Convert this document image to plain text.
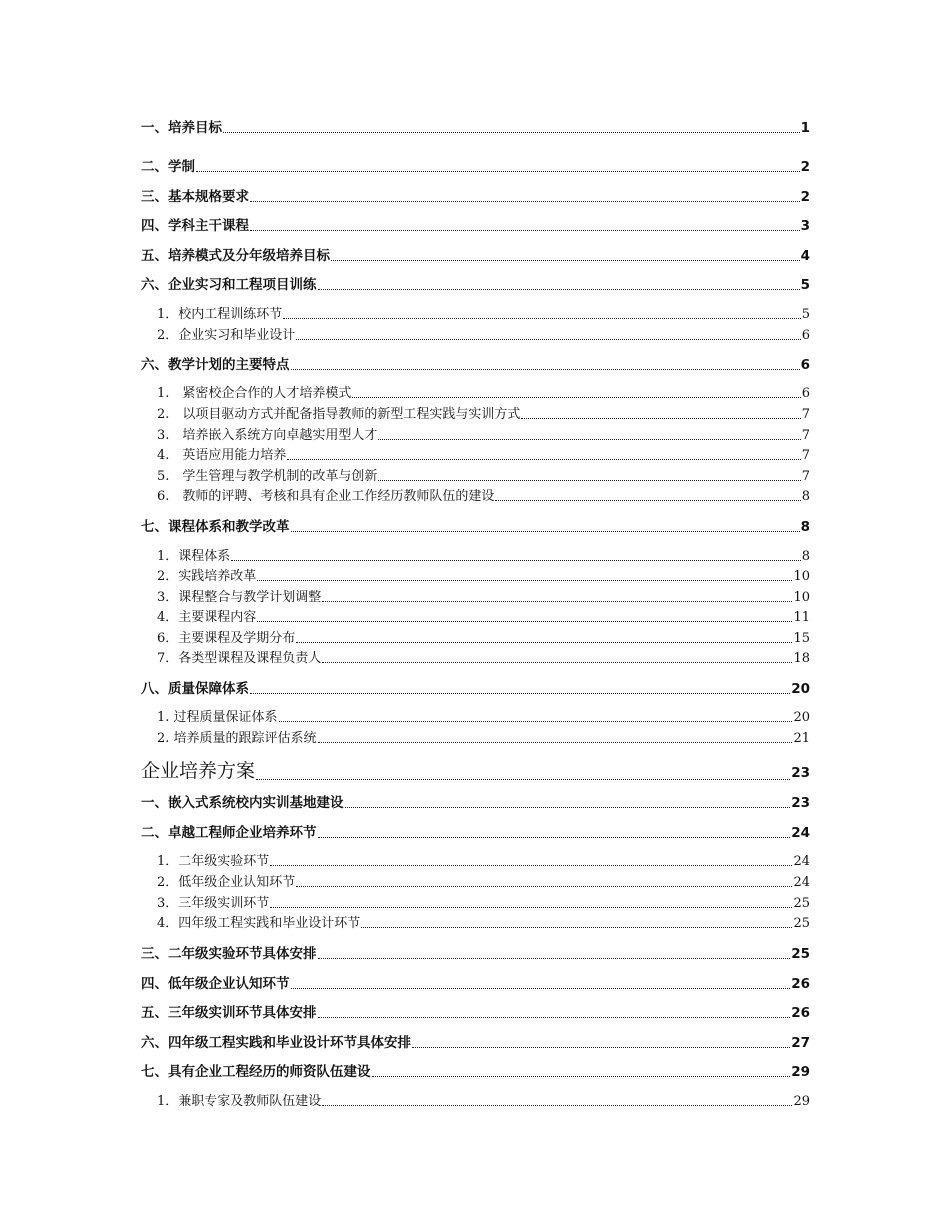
一、培养目标	1
二、学制	2
三、基本规格要求	2
四、学科主干课程	3
五、培养模式及分年级培养目标	4
六、企业实习和工程项目训练	5
1．校内工程训练环节	5
2．企业实习和毕业设计	6
六、教学计划的主要特点	6
1.　紧密校企合作的人才培养模式	6
2.　以项目驱动方式并配备指导教师的新型工程实践与实训方式	7
3.　培养嵌入系统方向卓越实用型人才	7
4.　英语应用能力培养	7
5.　学生管理与教学机制的改革与创新	7
6.　教师的评聘、考核和具有企业工作经历教师队伍的建设	8
七、课程体系和教学改革	8
1．课程体系	8
2．实践培养改革	10
3．课程整合与教学计划调整	10
4．主要课程内容	11
6．主要课程及学期分布	15
7．各类型课程及课程负责人	18
八、质量保障体系	20
1. 过程质量保证体系	20
2. 培养质量的跟踪评估系统	21
企业培养方案	23
一、嵌入式系统校内实训基地建设	23
二、卓越工程师企业培养环节	24
1．二年级实验环节	24
2．低年级企业认知环节	24
3．三年级实训环节	25
4．四年级工程实践和毕业设计环节	25
三、二年级实验环节具体安排	25
四、低年级企业认知环节	26
五、三年级实训环节具体安排	26
六、四年级工程实践和毕业设计环节具体安排	27
七、具有企业工程经历的师资队伍建设	29
1．兼职专家及教师队伍建设	29
